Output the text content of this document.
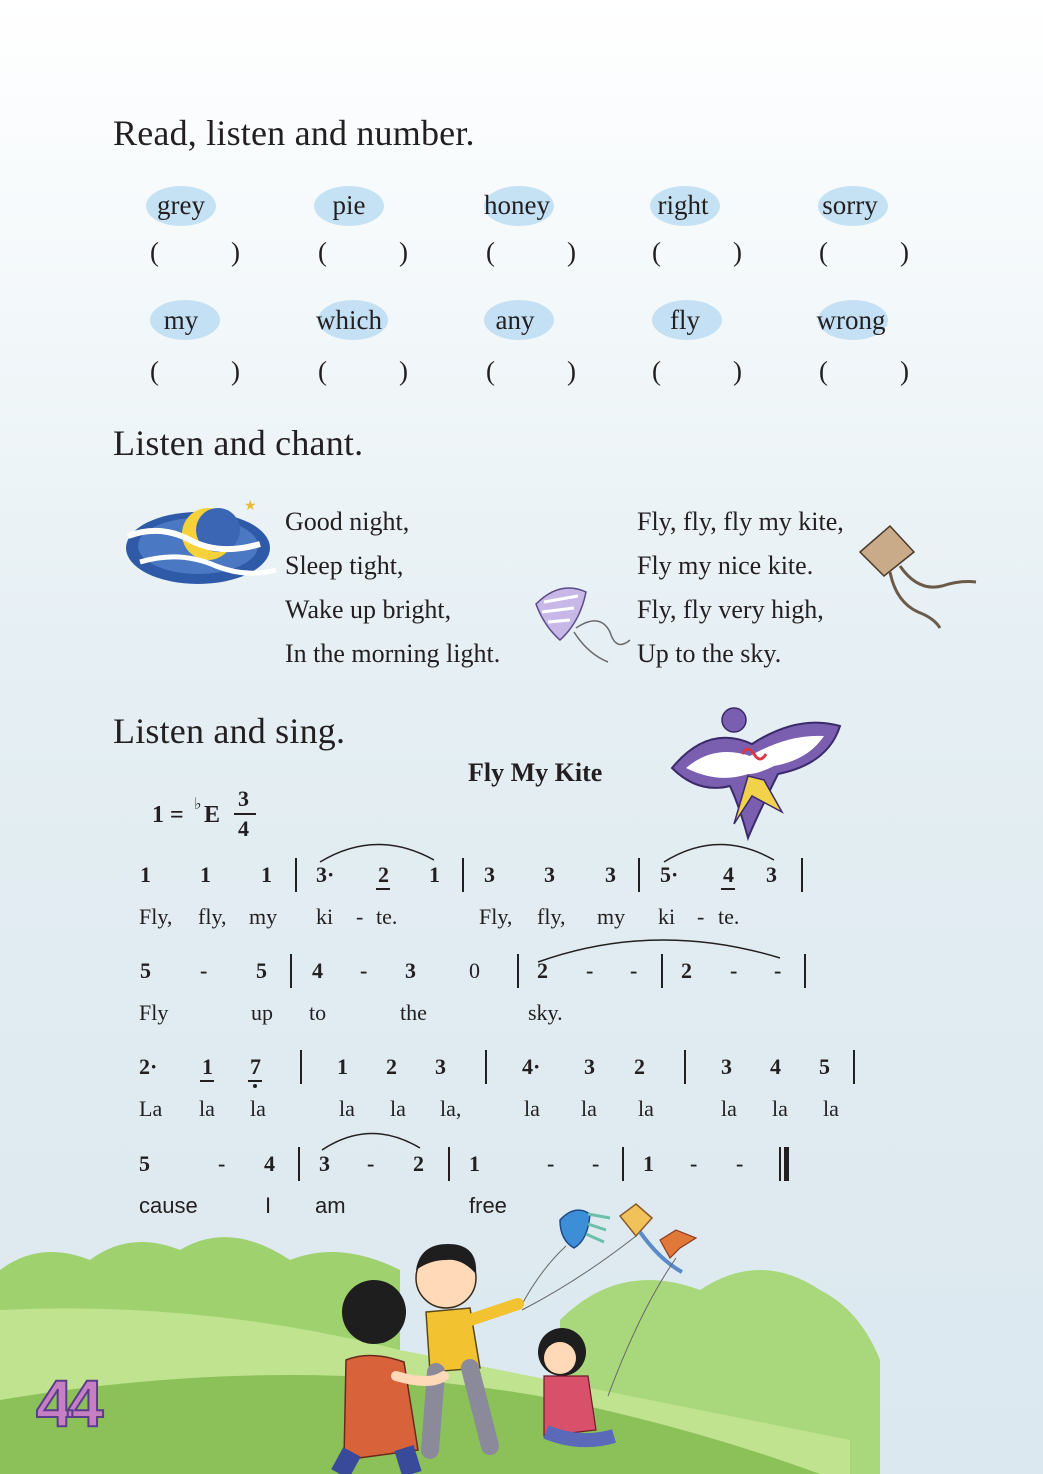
Read, listen and number.
grey	pie	honey	right	sorry
(	)	(	)	(	)	(	)	(	)
my	which	any	fly	wrong
(	)	(	)	(	)	(	)	(	)
Listen and chant.
★
Good night,
Sleep tight,
Wake up bright,
In the morning light.
Fly, fly, fly my kite,
Fly my nice kite.
Fly, fly very high,
Up to the sky.
Listen and sing.
Fly My Kite
1 = ♭ E
3
4
1 1 1 3· 2 1 3 3 3 5· 4 3
Fly, fly, my ki - te.	Fly, fly, my ki - te.
5 - 5 4 - 3 0	2 - - 2 - -
Fly	up to	the	sky.
2· 1 7	1 2 3	4· 3 2	3 4 5
La la la	la la la,	la la la	la la la
5	- 4 3 - 2 1	- - 1 - -
cause	I am	free
44
